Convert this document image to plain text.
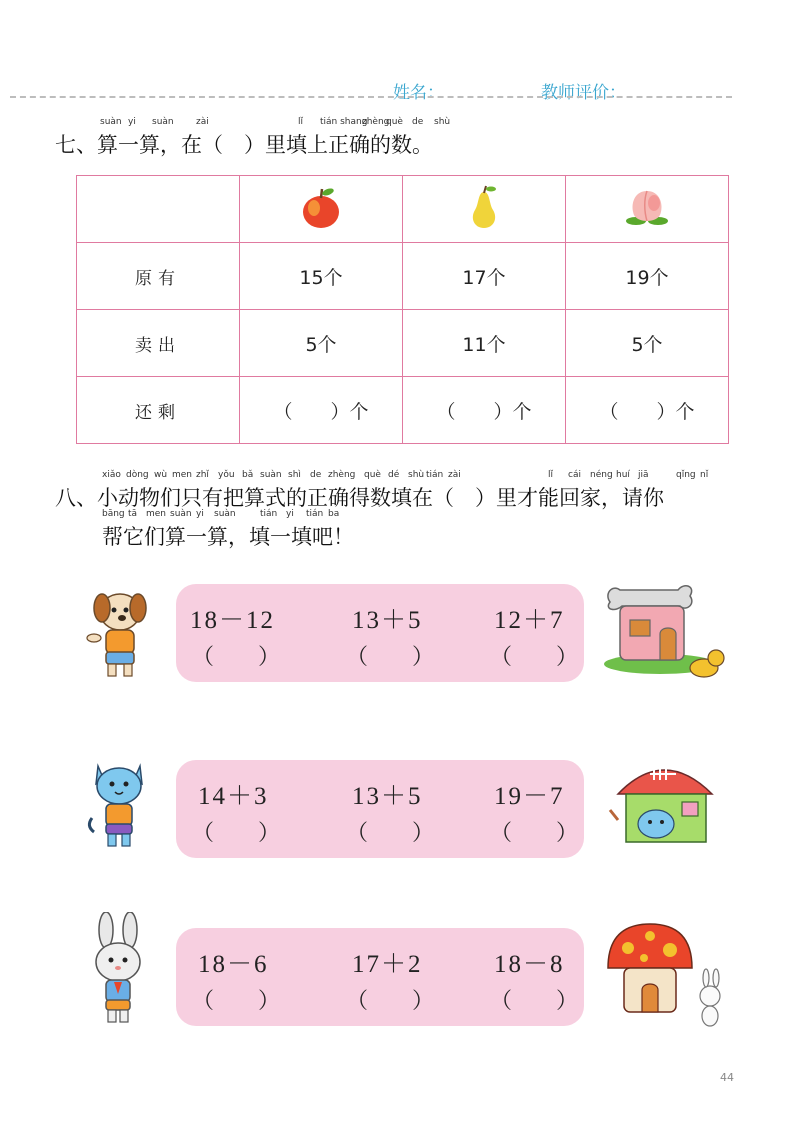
姓名：	教师评价：
suàn yi suàn zài	lǐ tián shang
zhèng
què de shù
七、算一算，在（　）里填上正确的数。

原有	15个	17个	19个
卖出	5个	11个	5个
还剩	（　　）个	（　　）个	（　　）个
xiǎo dòng wù men zhǐ yǒu bǎ suàn shì de zhèng què dé shù tián zài	lǐ cái néng huí jiā	qǐng nǐ
八、小动物们只有把算式的正确得数填在（　）里才能回家，请你
bāng tā men suàn yi suàn	tián yi tián ba
帮它们算一算，填一填吧！
18－12	13＋5	12＋7
（　　）	（　　）	（　　）
14＋3	13＋5	19－7
（　　）	（　　）	（　　）
18－6	17＋2	18－8
（　　）	（　　）	（　　）
44
